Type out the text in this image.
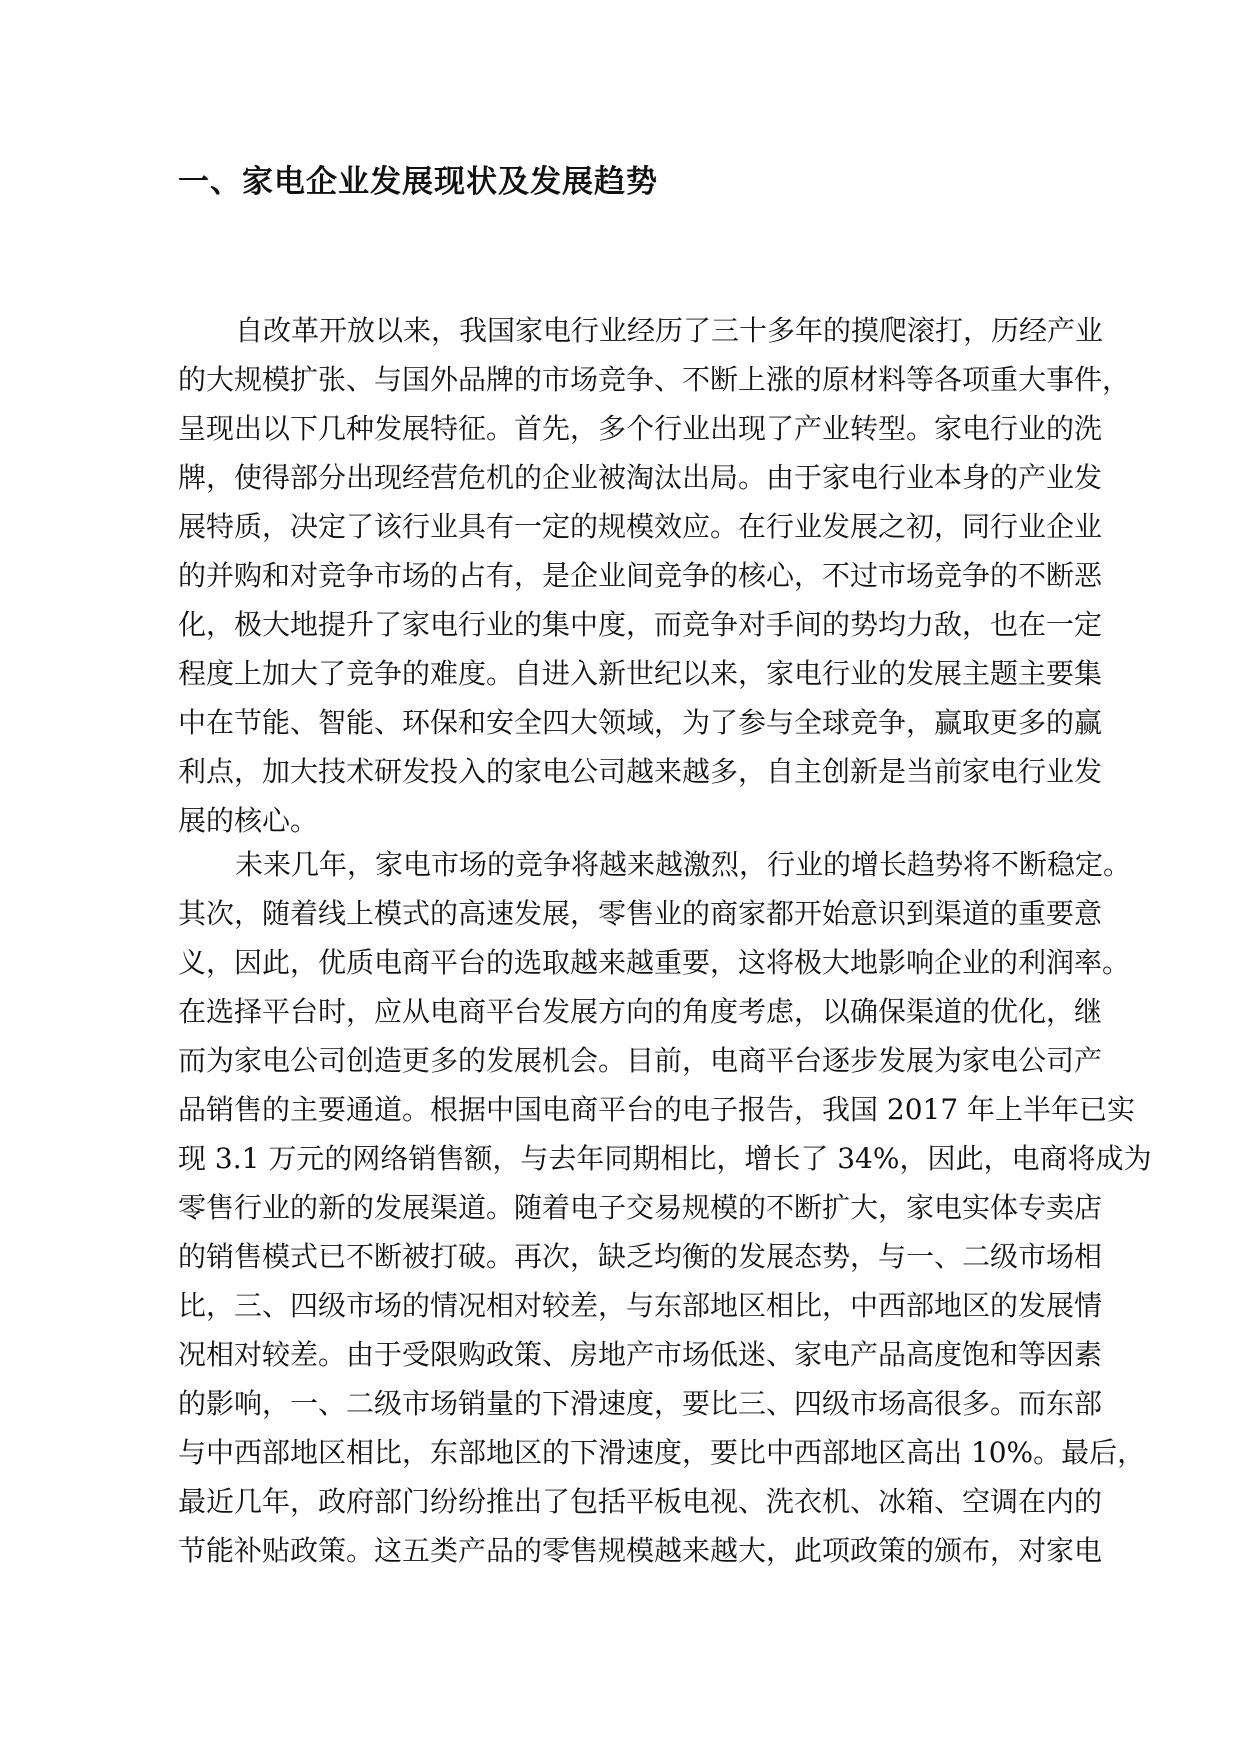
一、家电企业发展现状及发展趋势
自改革开放以来，我国家电行业经历了三十多年的摸爬滚打，历经产业
的大规模扩张、与国外品牌的市场竞争、不断上涨的原材料等各项重大事件，
呈现出以下几种发展特征。首先，多个行业出现了产业转型。家电行业的洗
牌，使得部分出现经营危机的企业被淘汰出局。由于家电行业本身的产业发
展特质，决定了该行业具有一定的规模效应。在行业发展之初，同行业企业
的并购和对竞争市场的占有，是企业间竞争的核心，不过市场竞争的不断恶
化，极大地提升了家电行业的集中度，而竞争对手间的势均力敌，也在一定
程度上加大了竞争的难度。自进入新世纪以来，家电行业的发展主题主要集
中在节能、智能、环保和安全四大领域，为了参与全球竞争，赢取更多的赢
利点，加大技术研发投入的家电公司越来越多，自主创新是当前家电行业发
展的核心。
未来几年，家电市场的竞争将越来越激烈，行业的增长趋势将不断稳定。
其次，随着线上模式的高速发展，零售业的商家都开始意识到渠道的重要意
义，因此，优质电商平台的选取越来越重要，这将极大地影响企业的利润率。
在选择平台时，应从电商平台发展方向的角度考虑，以确保渠道的优化，继
而为家电公司创造更多的发展机会。目前，电商平台逐步发展为家电公司产
品销售的主要通道。根据中国电商平台的电子报告，我国 2017 年上半年已实
现 3.1 万元的网络销售额，与去年同期相比，增长了 34%，因此，电商将成为
零售行业的新的发展渠道。随着电子交易规模的不断扩大，家电实体专卖店
的销售模式已不断被打破。再次，缺乏均衡的发展态势，与一、二级市场相
比，三、四级市场的情况相对较差，与东部地区相比，中西部地区的发展情
况相对较差。由于受限购政策、房地产市场低迷、家电产品高度饱和等因素
的影响，一、二级市场销量的下滑速度，要比三、四级市场高很多。而东部
与中西部地区相比，东部地区的下滑速度，要比中西部地区高出 10%。最后，
最近几年，政府部门纷纷推出了包括平板电视、洗衣机、冰箱、空调在内的
节能补贴政策。这五类产品的零售规模越来越大，此项政策的颁布，对家电
